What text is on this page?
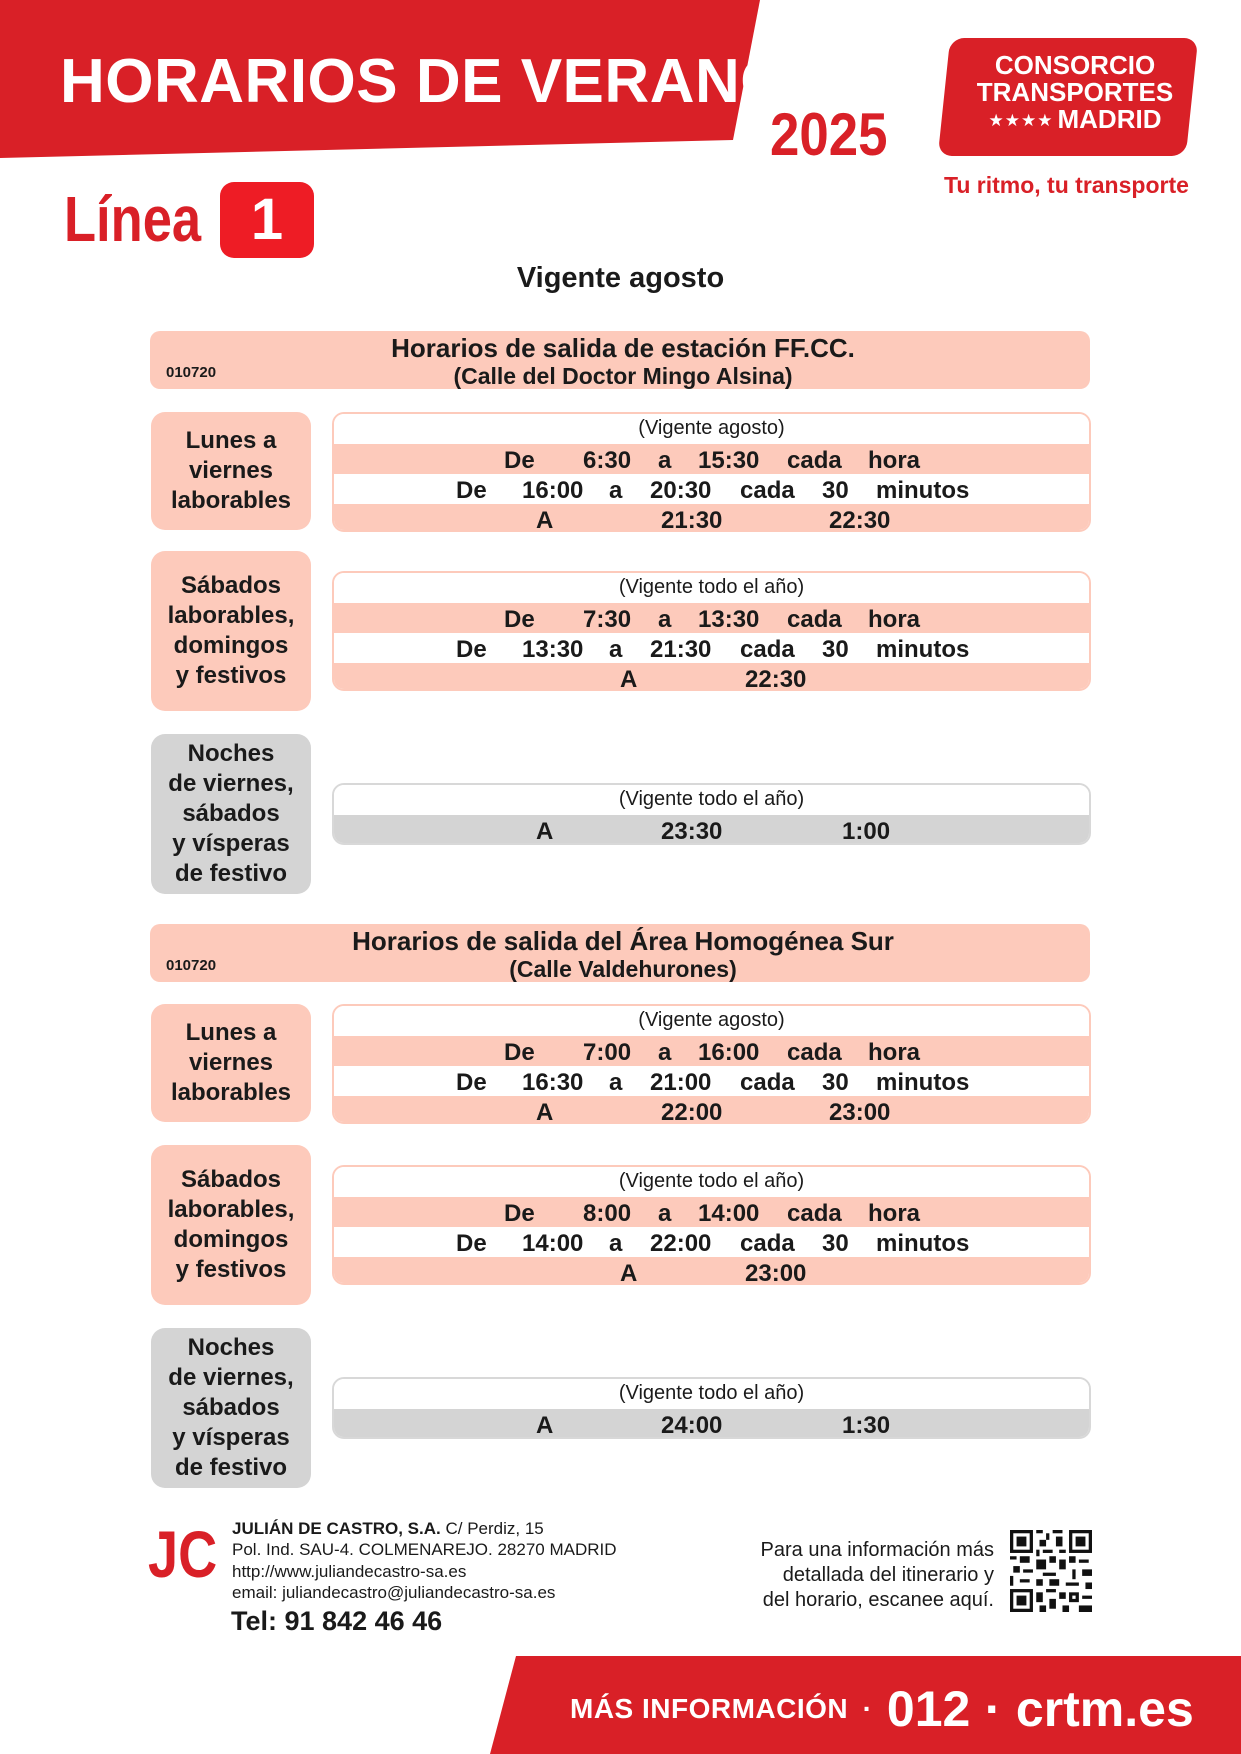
HORARIOS DE VERANO
2025
CONSORCIO
TRANSPORTES
★★★★ MADRID
Tu ritmo, tu transporte
Línea 1
Vigente agosto
Horarios de salida de estación FF.CC.
(Calle del Doctor Mingo Alsina)
010720
Lunes a
viernes
laborables
(Vigente agosto)
De 6:30 a 15:30 cada hora
De 16:00 a 20:30 cada 30 minutos
A	21:30	22:30
Sábados
laborables,
domingos
y festivos
(Vigente todo el año)
De 7:30 a 13:30 cada hora
De 13:30 a 21:30 cada 30 minutos
A	22:30
Noches
de viernes,
sábados
y vísperas
de festivo
(Vigente todo el año)
A	23:30	1:00
Horarios de salida del Área Homogénea Sur
(Calle Valdehurones)
010720
Lunes a
viernes
laborables
(Vigente agosto)
De 7:00 a 16:00 cada hora
De 16:30 a 21:00 cada 30 minutos
A	22:00	23:00
Sábados
laborables,
domingos
y festivos
(Vigente todo el año)
De 8:00 a 14:00 cada hora
De 14:00 a 22:00 cada 30 minutos
A	23:00
Noches
de viernes,
sábados
y vísperas
de festivo
(Vigente todo el año)
A	24:00	1:30
JC JULIÁN DE CASTRO, S.A. C/ Perdiz, 15
Pol. Ind. SAU-4. COLMENAREJO. 28270 MADRID
http://www.juliandecastro-sa.es
email: juliandecastro@juliandecastro-sa.es
Tel: 91 842 46 46
Para una información más
detallada del itinerario y
del horario, escanee aquí.
MÁS INFORMACIÓN · 012 · crtm.es
